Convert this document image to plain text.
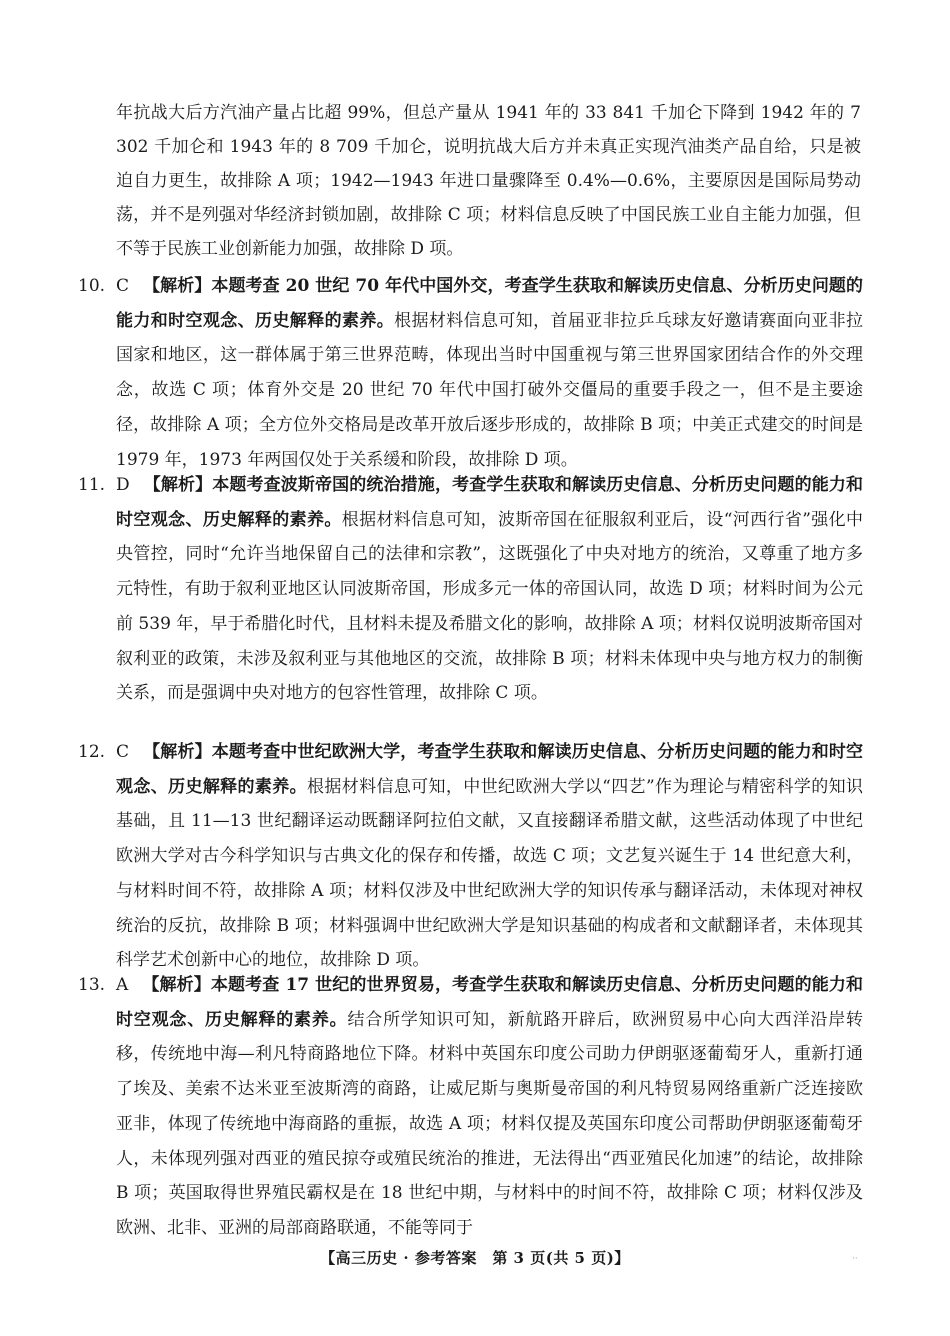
年抗战大后方汽油产量占比超 99%，但总产量从 1941 年的 33 841 千加仑下降到 1942 年的 7 302 千加仑和 1943 年的 8 709 千加仑，说明抗战大后方并未真正实现汽油类产品自给，只是被迫自力更生，故排除 A 项；1942—1943 年进口量骤降至 0.4%—0.6%，主要原因是国际局势动荡，并不是列强对华经济封锁加剧，故排除 C 项；材料信息反映了中国民族工业自主能力加强，但不等于民族工业创新能力加强，故排除 D 项。
10. C 【解析】本题考查 20 世纪 70 年代中国外交，考查学生获取和解读历史信息、分析历史问题的能力和时空观念、历史解释的素养。根据材料信息可知，首届亚非拉乒乓球友好邀请赛面向亚非拉国家和地区，这一群体属于第三世界范畴，体现出当时中国重视与第三世界国家团结合作的外交理念，故选 C 项；体育外交是 20 世纪 70 年代中国打破外交僵局的重要手段之一，但不是主要途径，故排除 A 项；全方位外交格局是改革开放后逐步形成的，故排除 B 项；中美正式建交的时间是 1979 年，1973 年两国仅处于关系缓和阶段，故排除 D 项。
11. D 【解析】本题考查波斯帝国的统治措施，考查学生获取和解读历史信息、分析历史问题的能力和时空观念、历史解释的素养。根据材料信息可知，波斯帝国在征服叙利亚后，设“河西行省”强化中央管控，同时“允许当地保留自己的法律和宗教”，这既强化了中央对地方的统治，又尊重了地方多元特性，有助于叙利亚地区认同波斯帝国，形成多元一体的帝国认同，故选 D 项；材料时间为公元前 539 年，早于希腊化时代，且材料未提及希腊文化的影响，故排除 A 项；材料仅说明波斯帝国对叙利亚的政策，未涉及叙利亚与其他地区的交流，故排除 B 项；材料未体现中央与地方权力的制衡关系，而是强调中央对地方的包容性管理，故排除 C 项。
12. C 【解析】本题考查中世纪欧洲大学，考查学生获取和解读历史信息、分析历史问题的能力和时空观念、历史解释的素养。根据材料信息可知，中世纪欧洲大学以“四艺”作为理论与精密科学的知识基础，且 11—13 世纪翻译运动既翻译阿拉伯文献，又直接翻译希腊文献，这些活动体现了中世纪欧洲大学对古今科学知识与古典文化的保存和传播，故选 C 项；文艺复兴诞生于 14 世纪意大利，与材料时间不符，故排除 A 项；材料仅涉及中世纪欧洲大学的知识传承与翻译活动，未体现对神权统治的反抗，故排除 B 项；材料强调中世纪欧洲大学是知识基础的构成者和文献翻译者，未体现其科学艺术创新中心的地位，故排除 D 项。
13. A 【解析】本题考查 17 世纪的世界贸易，考查学生获取和解读历史信息、分析历史问题的能力和时空观念、历史解释的素养。结合所学知识可知，新航路开辟后，欧洲贸易中心向大西洋沿岸转移，传统地中海—利凡特商路地位下降。材料中英国东印度公司助力伊朗驱逐葡萄牙人，重新打通了埃及、美索不达米亚至波斯湾的商路，让威尼斯与奥斯曼帝国的利凡特贸易网络重新广泛连接欧亚非，体现了传统地中海商路的重振，故选 A 项；材料仅提及英国东印度公司帮助伊朗驱逐葡萄牙人，未体现列强对西亚的殖民掠夺或殖民统治的推进，无法得出“西亚殖民化加速”的结论，故排除 B 项；英国取得世界殖民霸权是在 18 世纪中期，与材料中的时间不符，故排除 C 项；材料仅涉及欧洲、北非、亚洲的局部商路联通，不能等同于
【高三历史 · 参考答案　第 3 页(共 5 页)】	··
